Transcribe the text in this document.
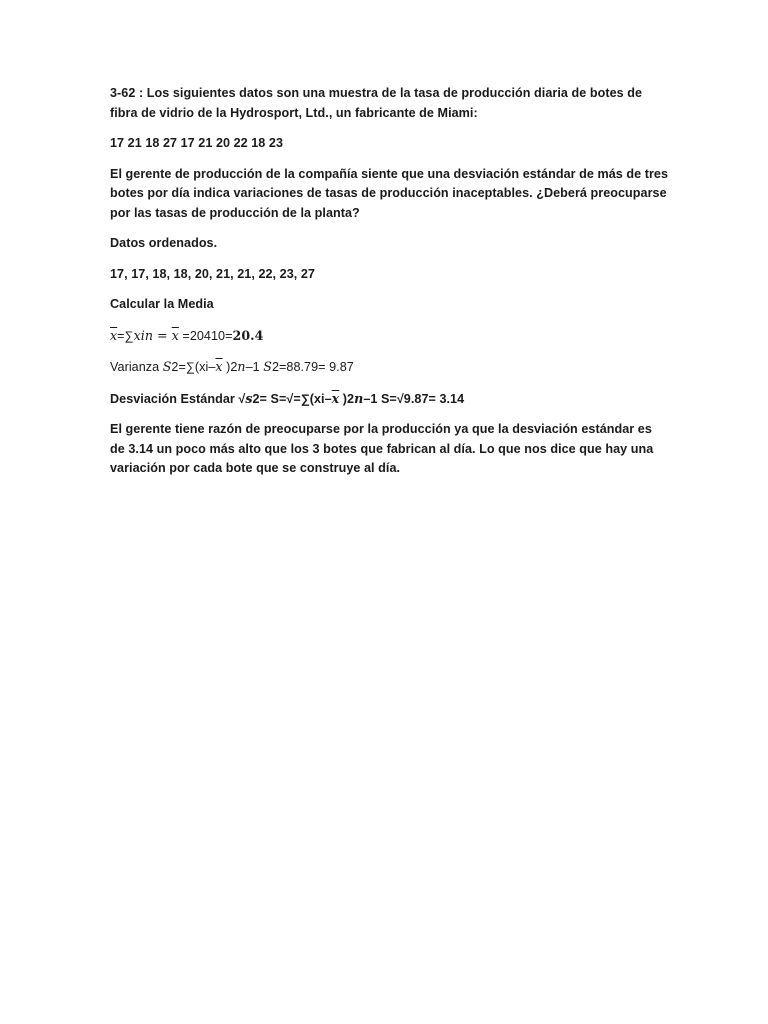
3-62 : Los siguientes datos son una muestra de la tasa de producción diaria de botes de fibra de vidrio de la Hydrosport, Ltd., un fabricante de Miami:

17 21 18 27 17 21 20 22 18 23

El gerente de producción de la compañía siente que una desviación estándar de más de tres botes por día indica variaciones de tasas de producción inaceptables. ¿Deberá preocuparse por las tasas de producción de la planta?

Datos ordenados.

17, 17, 18, 18, 20, 21, 21, 22, 23, 27

Calcular la Media

$\overline{x}=\sum xin = \overline{x} =20410=20.4$

Varianza $S2=\sum(xi-\overline{x}$ )2n–1 S2=88.79= 9.87

Desviación Estándar $√s2= S=√=\sum(xi-\overline{x}$ )2n–1 S=√9.87= 3.14

El gerente tiene razón de preocuparse por la producción ya que la desviación estándar es de 3.14 un poco más alto que los 3 botes que fabrican al día. Lo que nos dice que hay una variación por cada bote que se construye al día.
